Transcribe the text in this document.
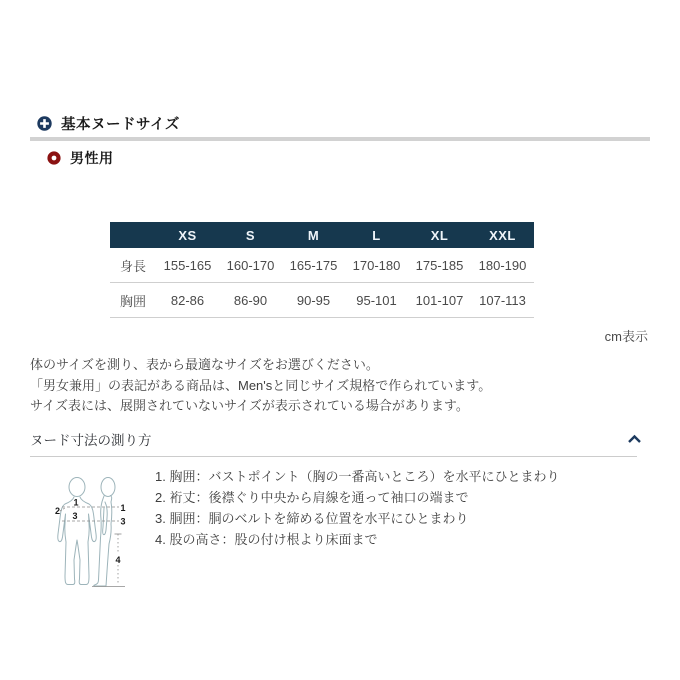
基本ヌードサイズ
男性用
	XS	S	M	L	XL	XXL
身長	155-165	160-170	165-175	170-180	175-185	180-190
胸囲	82-86	86-90	90-95	95-101	101-107	107-113
cm表示
体のサイズを測り、表から最適なサイズをお選びください。
「男女兼用」の表記がある商品は、Men'sと同じサイズ規格で作られています。
サイズ表には、展開されていないサイズが表示されている場合があります。
ヌード寸法の測り方
1
2 3
1
3
4
1. 胸囲：バストポイント（胸の一番高いところ）を水平にひとまわり
2. 裄丈：後襟ぐり中央から肩線を通って袖口の端まで
3. 胴囲：胴のベルトを締める位置を水平にひとまわり
4. 股の高さ：股の付け根より床面まで
